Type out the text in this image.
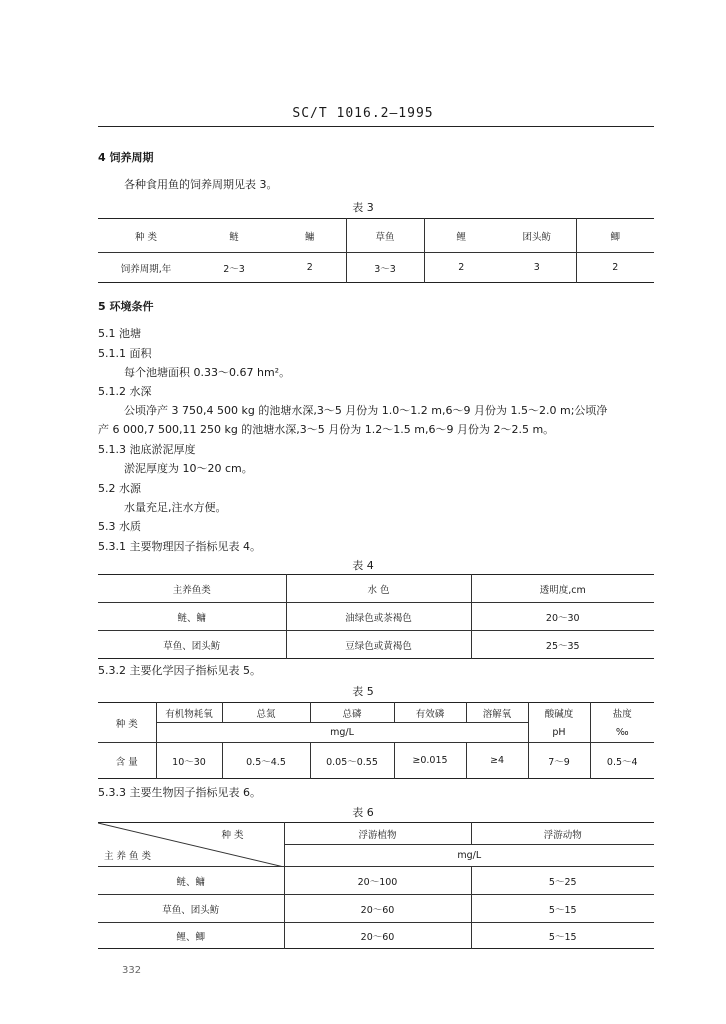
SC/T 1016.2—1995
4 饲养周期
各种食用鱼的饲养周期见表 3。
表 3
种 类	鲢	鳙	草鱼	鲤	团头鲂	鲫
饲养周期,年	2～3	2	3～3	2	3	2
5 环境条件
5.1 池塘
5.1.1 面积
每个池塘面积 0.33～0.67 hm²。
5.1.2 水深
公顷净产 3 750,4 500 kg 的池塘水深,3～5 月份为 1.0～1.2 m,6～9 月份为 1.5～2.0 m;公顷净
产 6 000,7 500,11 250 kg 的池塘水深,3～5 月份为 1.2～1.5 m,6～9 月份为 2～2.5 m。
5.1.3 池底淤泥厚度
淤泥厚度为 10～20 cm。
5.2 水源
水量充足,注水方便。
5.3 水质
5.3.1 主要物理因子指标见表 4。
表 4
主养鱼类	水 色	透明度,cm
鲢、鳙	油绿色或茶褐色	20～30
草鱼、团头鲂	豆绿色或黄褐色	25～35
5.3.2 主要化学因子指标见表 5。
表 5
种 类	有机物耗氧	总氮	总磷	有效磷	溶解氧	酸碱度	盐度
	mg/L					pH	‰
含 量	10～30	0.5～4.5	0.05～0.55	≥0.015	≥4	7～9	0.5～4
5.3.3 主要生物因子指标见表 6。
表 6
种 类
主 养 鱼 类	浮游植物	浮游动物
	mg/L	
鲢、鳙	20～100	5～25
草鱼、团头鲂	20～60	5～15
鲤、鲫	20～60	5～15
332
